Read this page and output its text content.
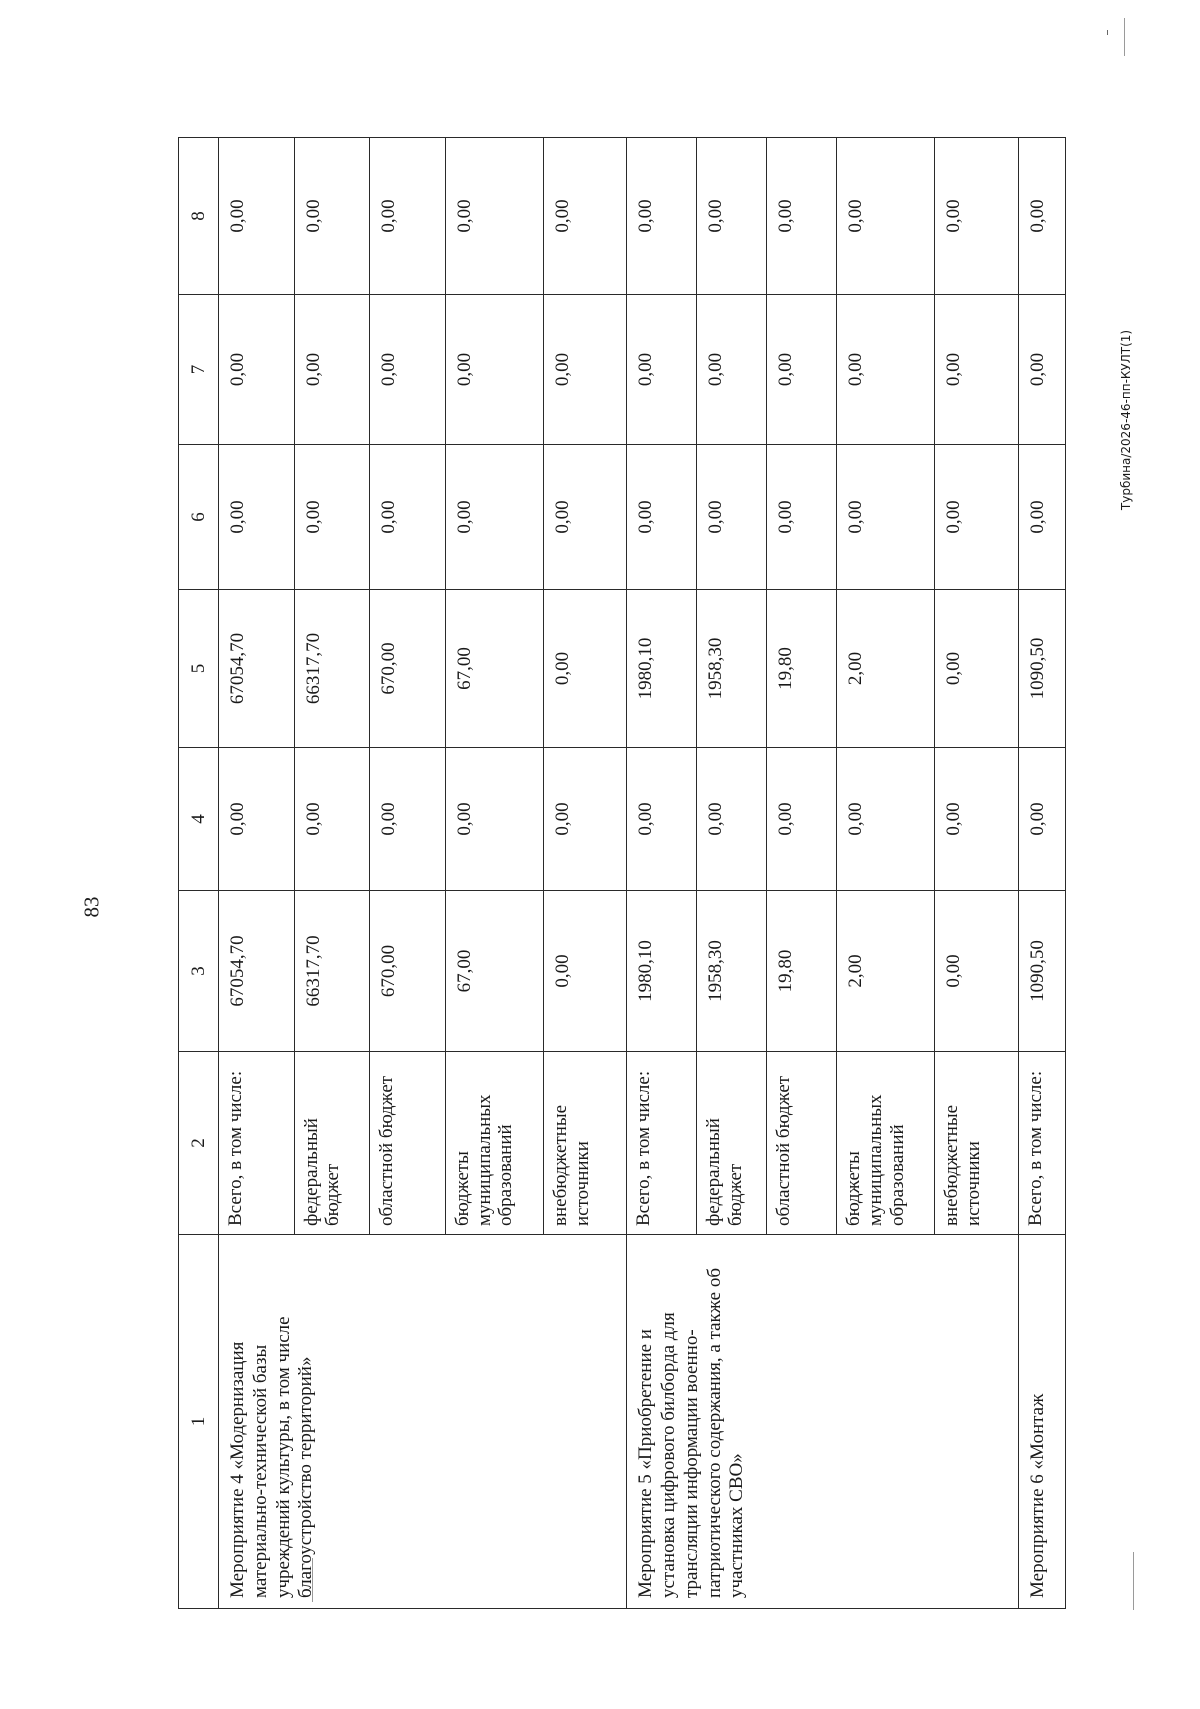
83
Турбина/2026-46-пп-КУЛТ(1)
1	2	3	4	5	6	7	8
Мероприятие 4 «Модернизация материально-технической базы учреждений культуры, в том числе благоустройство территорий»	Всего, в том числе:	67054,70	0,00	67054,70	0,00	0,00	0,00
	федеральный бюджет	66317,70	0,00	66317,70	0,00	0,00	0,00
	областной бюджет	670,00	0,00	670,00	0,00	0,00	0,00
	бюджеты муниципальных образований	67,00	0,00	67,00	0,00	0,00	0,00
	внебюджетные источники	0,00	0,00	0,00	0,00	0,00	0,00
Мероприятие 5 «Приобретение и установка цифрового билборда для трансляции информации военно-патриотического содержания, а также об участниках СВО»	Всего, в том числе:	1980,10	0,00	1980,10	0,00	0,00	0,00
	федеральный бюджет	1958,30	0,00	1958,30	0,00	0,00	0,00
	областной бюджет	19,80	0,00	19,80	0,00	0,00	0,00
	бюджеты муниципальных образований	2,00	0,00	2,00	0,00	0,00	0,00
	внебюджетные источники	0,00	0,00	0,00	0,00	0,00	0,00
Мероприятие 6 «Монтаж	Всего, в том числе:	1090,50	0,00	1090,50	0,00	0,00	0,00
